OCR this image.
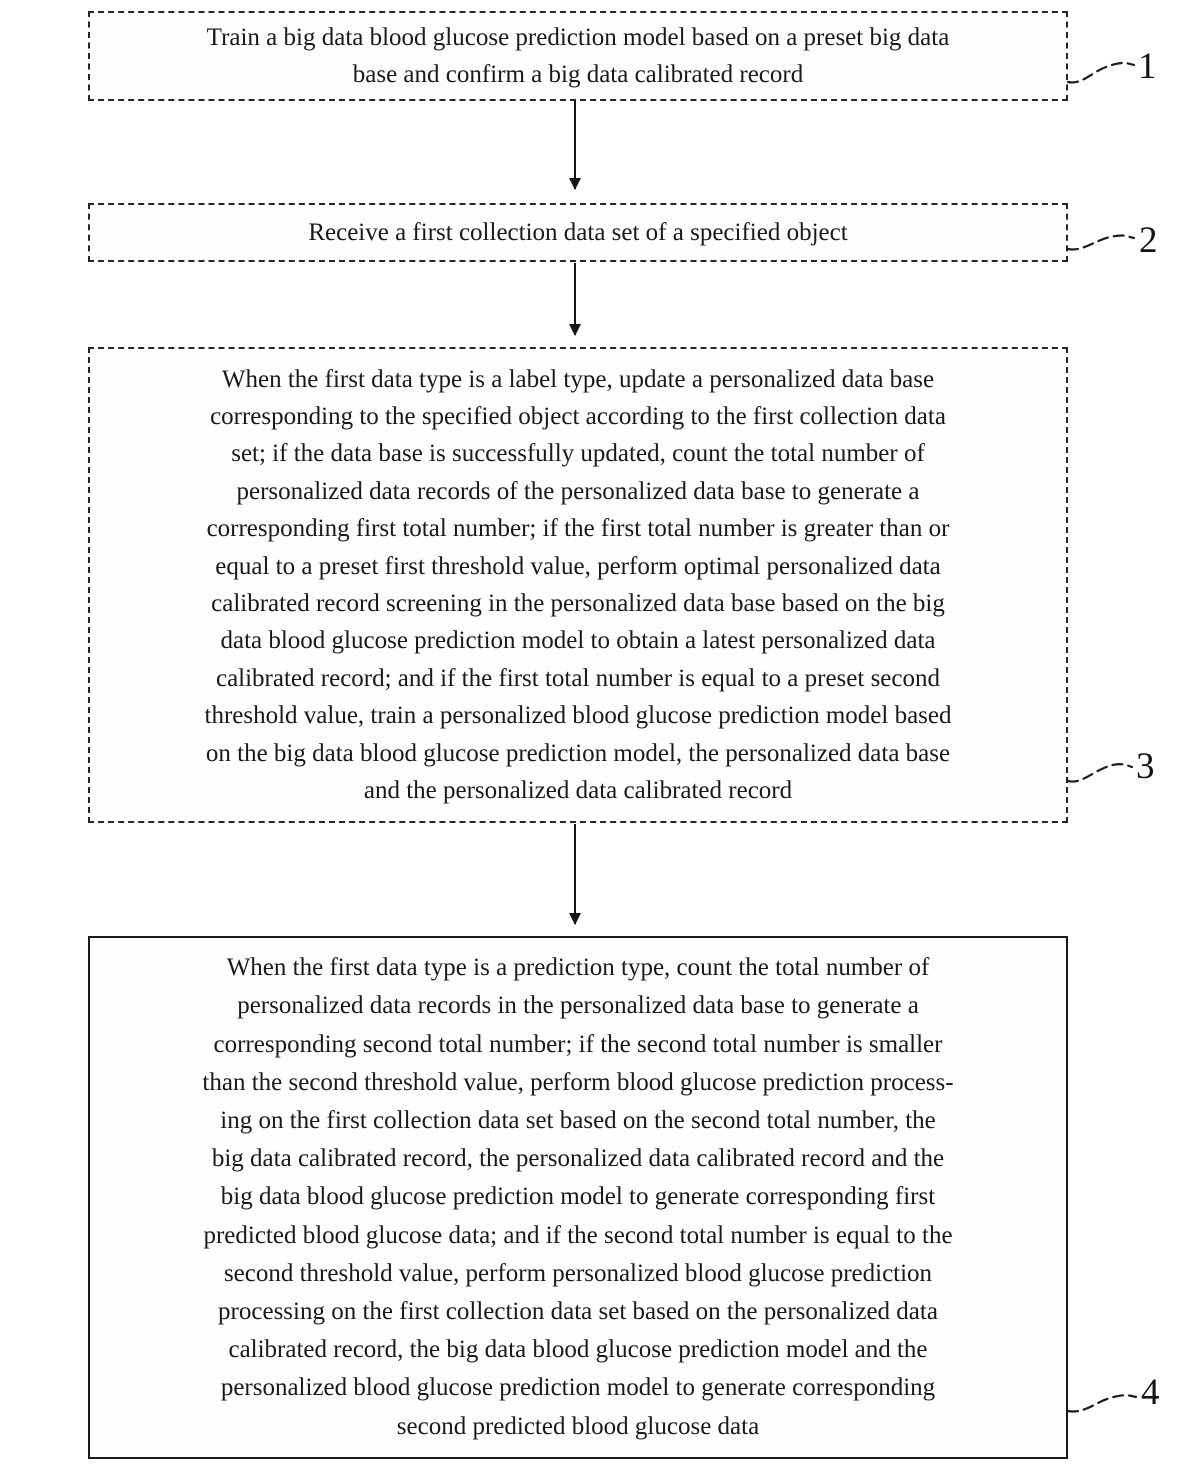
Train a big data blood glucose prediction model based on a preset big data
base and confirm a big data calibrated record	1
Receive a first collection data set of a specified object	2
When the first data type is a label type, update a personalized data base
corresponding to the specified object according to the first collection data
set; if the data base is successfully updated, count the total number of
personalized data records of the personalized data base to generate a
corresponding first total number; if the first total number is greater than or
equal to a preset first threshold value, perform optimal personalized data
calibrated record screening in the personalized data base based on the big
data blood glucose prediction model to obtain a latest personalized data
calibrated record; and if the first total number is equal to a preset second
threshold value, train a personalized blood glucose prediction model based
on the big data blood glucose prediction model, the personalized data base
and the personalized data calibrated record
3
When the first data type is a prediction type, count the total number of
personalized data records in the personalized data base to generate a
corresponding second total number; if the second total number is smaller
than the second threshold value, perform blood glucose prediction process-
ing on the first collection data set based on the second total number, the
big data calibrated record, the personalized data calibrated record and the
big data blood glucose prediction model to generate corresponding first
predicted blood glucose data; and if the second total number is equal to the
second threshold value, perform personalized blood glucose prediction
processing on the first collection data set based on the personalized data
calibrated record, the big data blood glucose prediction model and the
personalized blood glucose prediction model to generate corresponding
second predicted blood glucose data
4
